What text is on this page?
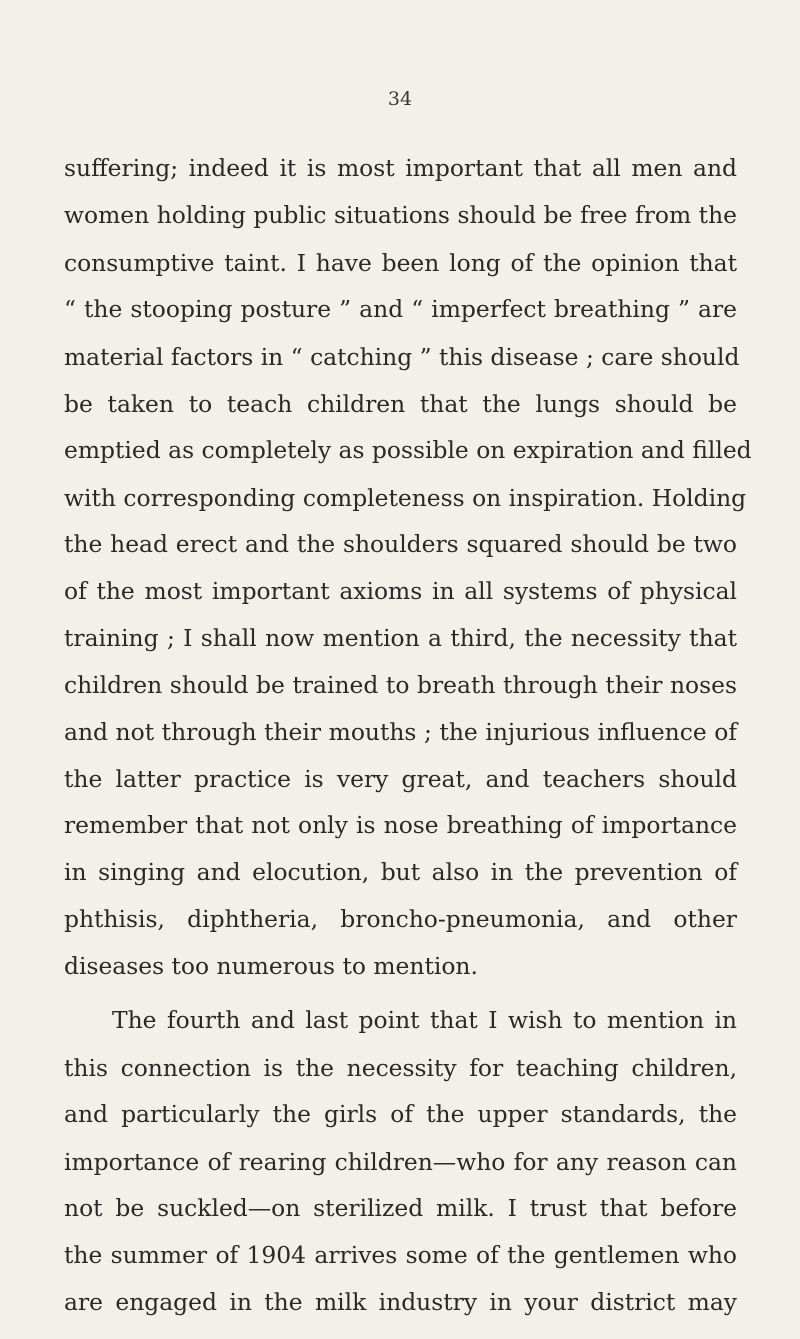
34
suffering; indeed it is most important that all men and
women holding public situations should be free from the
consumptive taint. I have been long of the opinion that
“ the stooping posture ” and “ imperfect breathing ” are
material factors in “ catching ” this disease ; care should
be taken to teach children that the lungs should be
emptied as completely as possible on expiration and filled
with corresponding completeness on inspiration. Holding
the head erect and the shoulders squared should be two
of the most important axioms in all systems of physical
training ; I shall now mention a third, the necessity that
children should be trained to breath through their noses
and not through their mouths ; the injurious influence of
the latter practice is very great, and teachers should
remember that not only is nose breathing of importance
in singing and elocution, but also in the prevention of
phthisis, diphtheria, broncho-pneumonia, and other
diseases too numerous to mention.
The fourth and last point that I wish to mention in
this connection is the necessity for teaching children,
and particularly the girls of the upper standards, the
importance of rearing children—who for any reason can
not be suckled—on sterilized milk. I trust that before
the summer of 1904 arrives some of the gentlemen who
are engaged in the milk industry in your district may
